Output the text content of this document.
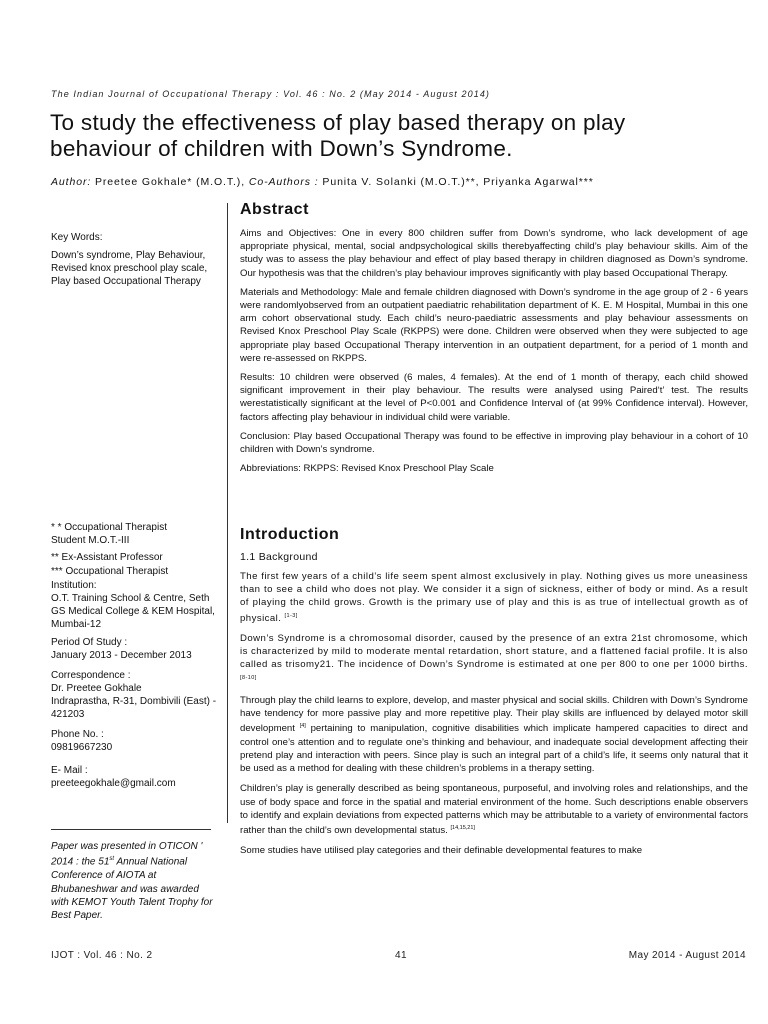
The Indian Journal of Occupational Therapy : Vol. 46 : No. 2 (May 2014 - August 2014)
To study the effectiveness of play based therapy on play behaviour of children with Down’s Syndrome.
Author: Preetee Gokhale* (M.O.T.), Co-Authors : Punita V. Solanki (M.O.T.)**, Priyanka Agarwal***

Key Words:

Down’s syndrome, Play Behaviour, Revised knox preschool play scale, Play based Occupational Therapy

* * Occupational Therapist

Student M.O.T.-III

** Ex-Assistant Professor

*** Occupational Therapist

Institution:

O.T. Training School & Centre, Seth GS Medical College & KEM Hospital, Mumbai-12

Period Of Study :

January 2013 - December 2013

Correspondence :

Dr. Preetee Gokhale

Indraprastha, R-31, Dombivili (East) - 421203

Phone No. :

09819667230

E- Mail :

preeteegokhale@gmail.com

Paper was presented in OTICON ' 2014 : the 51st Annual National Conference of AIOTA at Bhubaneshwar and was awarded with KEMOT Youth Talent Trophy for Best Paper.
Abstract

Aims and Objectives: One in every 800 children suffer from Down’s syndrome, who lack development of age appropriate physical, mental, social andpsychological skills therebyaffecting child’s play behaviour skills. Aim of the study was to assess the play behaviour and effect of play based therapy in children diagnosed as Down’s syndrome. Our hypothesis was that the children’s play behaviour improves significantly with play based Occupational Therapy.

Materials and Methodology: Male and female children diagnosed with Down’s syndrome in the age group of 2 - 6 years were randomlyobserved from an outpatient paediatric rehabilitation department of K. E. M Hospital, Mumbai in this one arm cohort observational study. Each child’s neuro-paediatric assessments and play behaviour assessments on Revised Knox Preschool Play Scale (RKPPS) were done. Children were observed when they were subjected to age appropriate play based Occupational Therapy intervention in an outpatient department, for a period of 1 month and were re-assessed on RKPPS.

Results: 10 children were observed (6 males, 4 females). At the end of 1 month of therapy, each child showed significant improvement in their play behaviour. The results were analysed using Paired‘t’ test. The results werestatistically significant at the level of P<0.001 and Confidence Interval of (at 99% Confidence interval). However, factors affecting play behaviour in individual child were variable.

Conclusion: Play based Occupational Therapy was found to be effective in improving play behaviour in a cohort of 10 children with Down’s syndrome.

Abbreviations: RKPPS: Revised Knox Preschool Play Scale

Introduction
1.1 Background

The first few years of a child’s life seem spent almost exclusively in play. Nothing gives us more uneasiness than to see a child who does not play. We consider it a sign of sickness, either of body or mind. As a result of playing the child grows. Growth is the primary use of play and this is as true of intellectual growth as of physical. [1-3]

Down’s Syndrome is a chromosomal disorder, caused by the presence of an extra 21st chromosome, which is characterized by mild to moderate mental retardation, short stature, and a flattened facial profile. It is also called as trisomy21. The incidence of Down’s Syndrome is estimated at one per 800 to one per 1000 births.[8-10]

Through play the child learns to explore, develop, and master physical and social skills. Children with Down’s Syndrome have tendency for more passive play and more repetitive play. Their play skills are influenced by delayed motor skill development [4] pertaining to manipulation, cognitive disabilities which implicate hampered capacities to direct and control one’s attention and to regulate one’s thinking and behaviour, and inadequate social development affecting their pretend play and interaction with peers. Since play is such an integral part of a child’s life, it seems only natural that it be used as a method for dealing with these children’s problems in a therapy setting.

Children’s play is generally described as being spontaneous, purposeful, and involving roles and relationships, and the use of body space and force in the spatial and material environment of the home. Such descriptions enable observers to identify and explain deviations from expected patterns which may be attributable to a variety of environmental factors rather than the child’s own developmental status. [14,15,21]

Some studies have utilised play categories and their definable developmental features to make

IJOT : Vol. 46 : No. 2	41	May 2014 - August 2014
